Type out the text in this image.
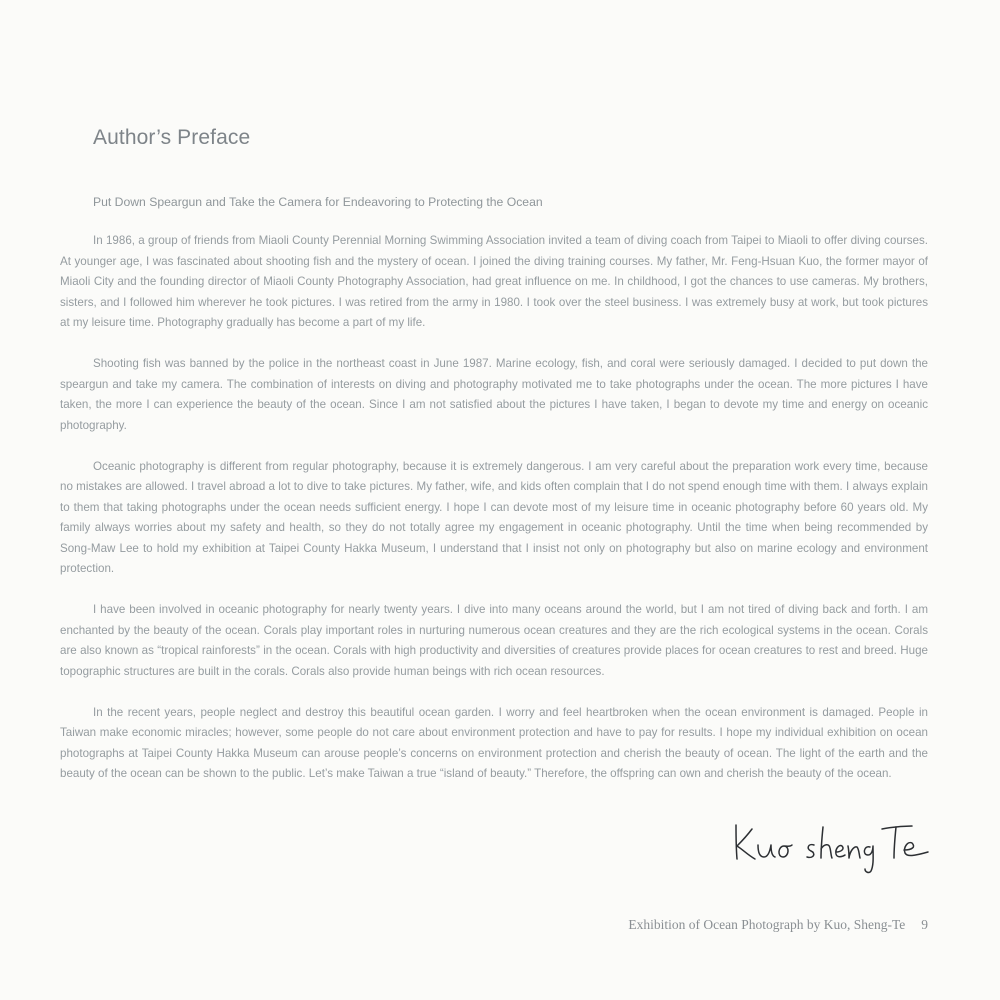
Author’s Preface
Put Down Speargun and Take the Camera for Endeavoring to Protecting the Ocean

In 1986, a group of friends from Miaoli County Perennial Morning Swimming Association invited a team of diving coach from Taipei to Miaoli to offer diving courses. At younger age, I was fascinated about shooting fish and the mystery of ocean. I joined the diving training courses. My father, Mr. Feng-Hsuan Kuo, the former mayor of Miaoli City and the founding director of Miaoli County Photography Association, had great influence on me. In childhood, I got the chances to use cameras. My brothers, sisters, and I followed him wherever he took pictures. I was retired from the army in 1980. I took over the steel business. I was extremely busy at work, but took pictures at my leisure time. Photography gradually has become a part of my life.

Shooting fish was banned by the police in the northeast coast in June 1987. Marine ecology, fish, and coral were seriously damaged. I decided to put down the speargun and take my camera. The combination of interests on diving and photography motivated me to take photographs under the ocean. The more pictures I have taken, the more I can experience the beauty of the ocean. Since I am not satisfied about the pictures I have taken, I began to devote my time and energy on oceanic photography.

Oceanic photography is different from regular photography, because it is extremely dangerous. I am very careful about the preparation work every time, because no mistakes are allowed. I travel abroad a lot to dive to take pictures. My father, wife, and kids often complain that I do not spend enough time with them. I always explain to them that taking photographs under the ocean needs sufficient energy. I hope I can devote most of my leisure time in oceanic photography before 60 years old. My family always worries about my safety and health, so they do not totally agree my engagement in oceanic photography. Until the time when being recommended by Song-Maw Lee to hold my exhibition at Taipei County Hakka Museum, I understand that I insist not only on photography but also on marine ecology and environment protection.

I have been involved in oceanic photography for nearly twenty years. I dive into many oceans around the world, but I am not tired of diving back and forth. I am enchanted by the beauty of the ocean. Corals play important roles in nurturing numerous ocean creatures and they are the rich ecological systems in the ocean. Corals are also known as “tropical rainforests” in the ocean. Corals with high productivity and diversities of creatures provide places for ocean creatures to rest and breed. Huge topographic structures are built in the corals. Corals also provide human beings with rich ocean resources.

In the recent years, people neglect and destroy this beautiful ocean garden. I worry and feel heartbroken when the ocean environment is damaged. People in Taiwan make economic miracles; however, some people do not care about environment protection and have to pay for results. I hope my individual exhibition on ocean photographs at Taipei County Hakka Museum can arouse people’s concerns on environment protection and cherish the beauty of ocean. The light of the earth and the beauty of the ocean can be shown to the public. Let’s make Taiwan a true “island of beauty.” Therefore, the offspring can own and cherish the beauty of the ocean.

Exhibition of Ocean Photograph by Kuo, Sheng-Te 9
